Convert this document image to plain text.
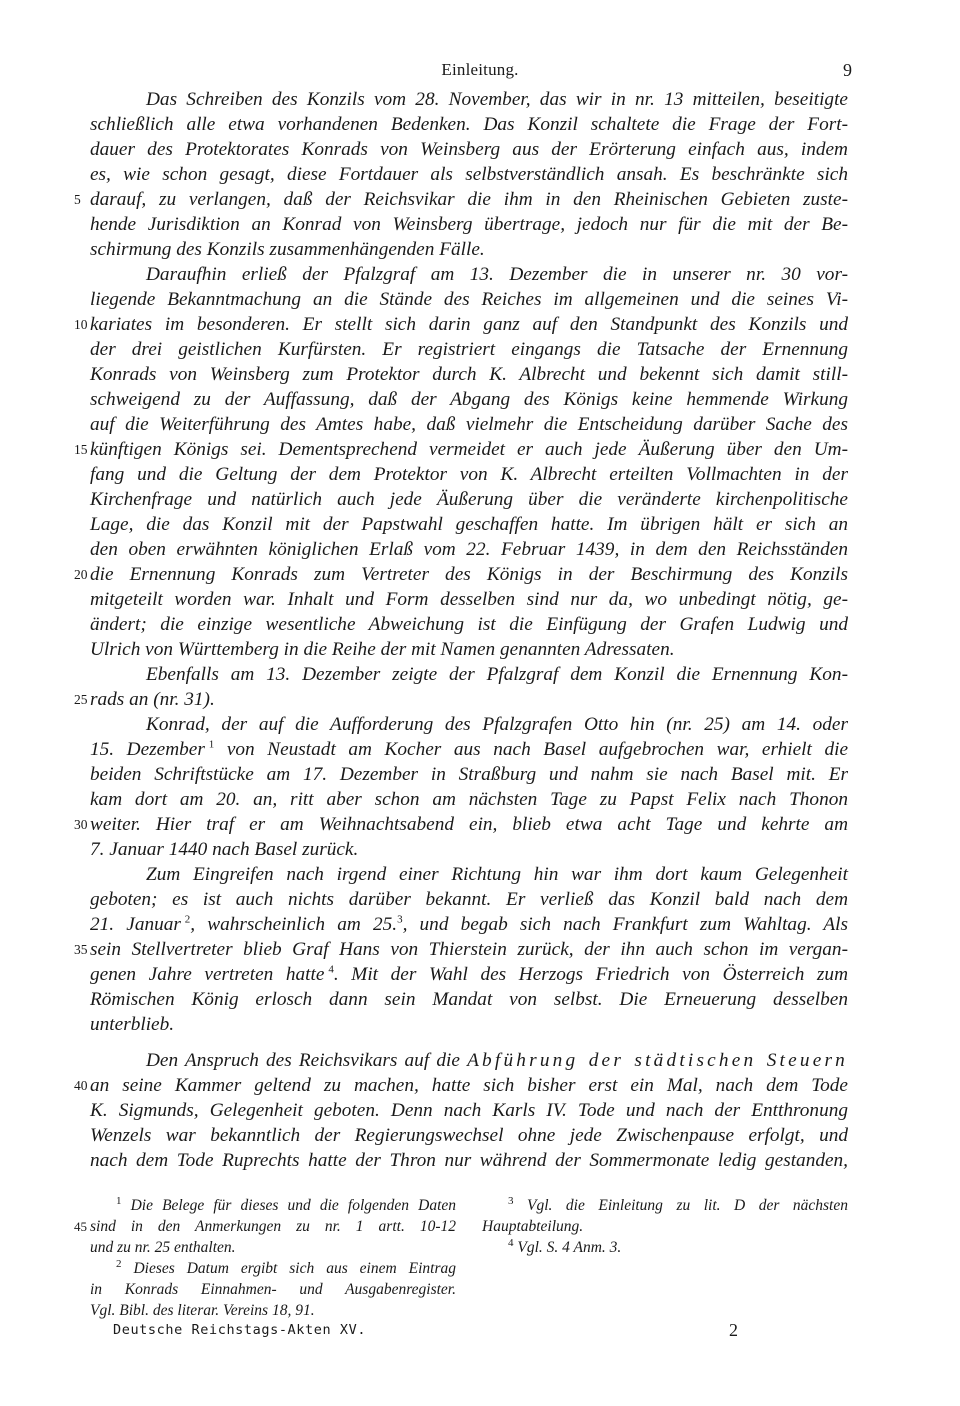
Einleitung.	9
Das Schreiben des Konzils vom 28. November, das wir in nr. 13 mitteilen, beseitigte
schließlich alle etwa vorhandenen Bedenken. Das Konzil schaltete die Frage der Fort-
dauer des Protektorates Konrads von Weinsberg aus der Erörterung einfach aus, indem
es, wie schon gesagt, diese Fortdauer als selbstverständlich ansah. Es beschränkte sich
5 darauf, zu verlangen, daß der Reichsvikar die ihm in den Rheinischen Gebieten zuste-
hende Jurisdiktion an Konrad von Weinsberg übertrage, jedoch nur für die mit der Be-
schirmung des Konzils zusammenhängenden Fälle.
Daraufhin erließ der Pfalzgraf am 13. Dezember die in unserer nr. 30 vor-
liegende Bekanntmachung an die Stände des Reiches im allgemeinen und die seines Vi-
10 kariates im besonderen. Er stellt sich darin ganz auf den Standpunkt des Konzils und
der drei geistlichen Kurfürsten. Er registriert eingangs die Tatsache der Ernennung
Konrads von Weinsberg zum Protektor durch K. Albrecht und bekennt sich damit still-
schweigend zu der Auffassung, daß der Abgang des Königs keine hemmende Wirkung
auf die Weiterführung des Amtes habe, daß vielmehr die Entscheidung darüber Sache des
15 künftigen Königs sei. Dementsprechend vermeidet er auch jede Äußerung über den Um-
fang und die Geltung der dem Protektor von K. Albrecht erteilten Vollmachten in der
Kirchenfrage und natürlich auch jede Äußerung über die veränderte kirchenpolitische
Lage, die das Konzil mit der Papstwahl geschaffen hatte. Im übrigen hält er sich an
den oben erwähnten königlichen Erlaß vom 22. Februar 1439, in dem den Reichsständen
20 die Ernennung Konrads zum Vertreter des Königs in der Beschirmung des Konzils
mitgeteilt worden war. Inhalt und Form desselben sind nur da, wo unbedingt nötig, ge-
ändert; die einzige wesentliche Abweichung ist die Einfügung der Grafen Ludwig und
Ulrich von Württemberg in die Reihe der mit Namen genannten Adressaten.
Ebenfalls am 13. Dezember zeigte der Pfalzgraf dem Konzil die Ernennung Kon-
25 rads an (nr. 31).
Konrad, der auf die Aufforderung des Pfalzgrafen Otto hin (nr. 25) am 14. oder
15. Dezember  $^1$ von Neustadt am Kocher aus nach Basel aufgebrochen war, erhielt die
beiden Schriftstücke am 17. Dezember in Straßburg und nahm sie nach Basel mit. Er
kam dort am 20. an, ritt aber schon am nächsten Tage zu Papst Felix nach Thonon
30 weiter. Hier traf er am Weihnachtsabend ein, blieb etwa acht Tage und kehrte am
7. Januar 1440 nach Basel zurück.
Zum Eingreifen nach irgend einer Richtung hin war ihm dort kaum Gelegenheit
geboten; es ist auch nichts darüber bekannt. Er verließ das Konzil bald nach dem
21. Januar  $^2$, wahrscheinlich am 25.$^3$, und begab sich nach Frankfurt zum Wahltag. Als
35 sein Stellvertreter blieb Graf Hans von Thierstein zurück, der ihn auch schon im vergan-
genen Jahre vertreten hatte  $^4$. Mit der Wahl des Herzogs Friedrich von Österreich zum
Römischen König erlosch dann sein Mandat von selbst. Die Erneuerung desselben
unterblieb.
Den Anspruch des Reichsvikars auf die Abführung der städtischen Steuern
40 an seine Kammer geltend zu machen, hatte sich bisher erst ein Mal, nach dem Tode
K. Sigmunds, Gelegenheit geboten. Denn nach Karls IV. Tode und nach der Entthronung
Wenzels war bekanntlich der Regierungswechsel ohne jede Zwischenpause erfolgt, und
nach dem Tode Ruprechts hatte der Thron nur während der Sommermonate ledig gestanden,
$^1$ Die Belege für dieses und die folgenden Daten
45 sind in den Anmerkungen zu nr. 1 artt. 10-12
und zu nr. 25 enthalten.
$^2$ Dieses Datum ergibt sich aus einem Eintrag
in Konrads Einnahmen- und Ausgabenregister.
Vgl. Bibl. des literar. Vereins 18, 91.
$^3$ Vgl. die Einleitung zu lit. D der nächsten
Hauptabteilung.
$^4$ Vgl. S. 4 Anm. 3.
Deutsche Reichstags-Akten XV.	2
